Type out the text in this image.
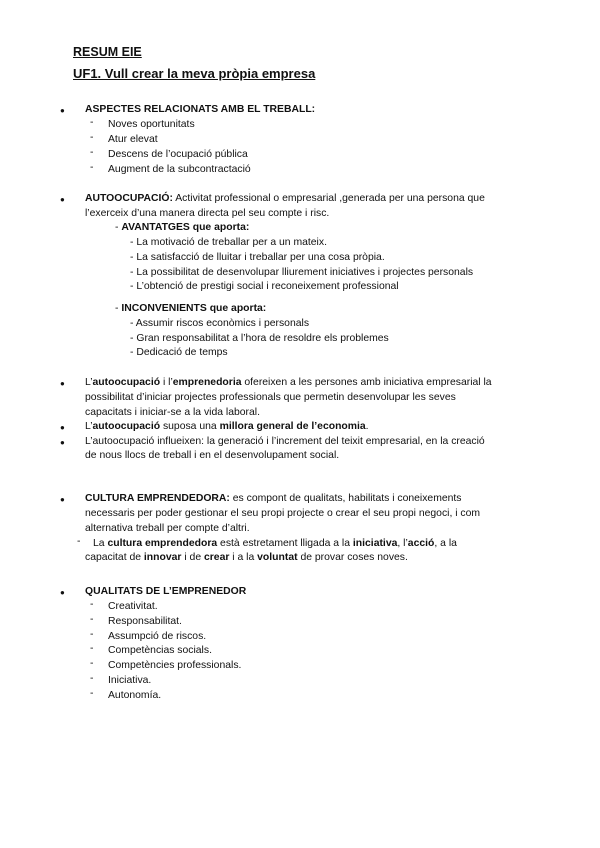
RESUM EIE
UF1. Vull crear la meva pròpia empresa
● ASPECTES RELACIONATS AMB EL TREBALL:
- Noves oportunitats
- Atur elevat
- Descens de l’ocupació pública
- Augment de la subcontractació
● AUTOOCUPACIÓ: Activitat professional o empresarial ,generada per una persona que
l’exerceix d’una manera directa pel seu compte i risc.
- AVANTATGES que aporta:
- La motivació de treballar per a un mateix.
- La satisfacció de lluitar i treballar per una cosa pròpia.
- La possibilitat de desenvolupar lliurement iniciatives i projectes personals
- L’obtenció de prestigi social i reconeixement professional
- INCONVENIENTS que aporta:
- Assumir riscos econòmics i personals
- Gran responsabilitat a l’hora de resoldre els problemes
- Dedicació de temps
● L’autoocupació i l’emprenedoria ofereixen a les persones amb iniciativa empresarial la
possibilitat d’iniciar projectes professionals que permetin desenvolupar les seves
capacitats i iniciar-se a la vida laboral.
● L’autoocupació suposa una millora general de l’economia.
● L’autoocupació influeixen: la generació i l’increment del teixit empresarial, en la creació
de nous llocs de treball i en el desenvolupament social.
● CULTURA EMPRENDEDORA: es compont de qualitats, habilitats i coneixements
necessaris per poder gestionar el seu propi projecte o crear el seu propi negoci, i com
alternativa treball per compte d’altri.
- La cultura emprendedora està estretament lligada a la iniciativa, l’acció, a la
capacitat de innovar i de crear i a la voluntat de provar coses noves.
● QUALITATS DE L’EMPRENEDOR
- Creativitat.
- Responsabilitat.
- Assumpció de riscos.
- Competèncias socials.
- Competències professionals.
- Iniciativa.
- Autonomía.
